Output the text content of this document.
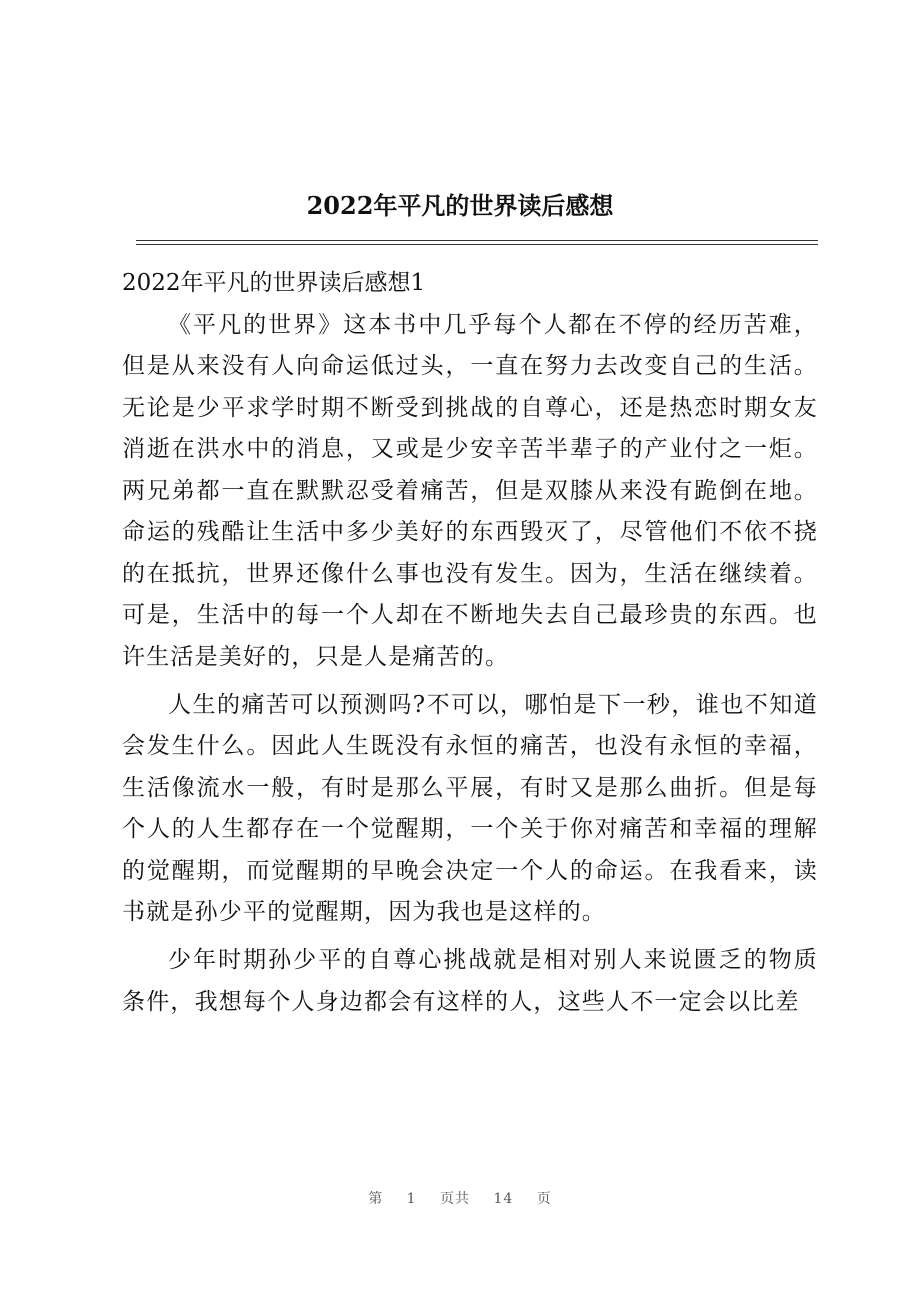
2022年平凡的世界读后感想

2022年平凡的世界读后感想1

《平凡的世界》这本书中几乎每个人都在不停的经历苦难，但是从来没有人向命运低过头，一直在努力去改变自己的生活。无论是少平求学时期不断受到挑战的自尊心，还是热恋时期女友消逝在洪水中的消息，又或是少安辛苦半辈子的产业付之一炬。两兄弟都一直在默默忍受着痛苦，但是双膝从来没有跪倒在地。命运的残酷让生活中多少美好的东西毁灭了，尽管他们不依不挠的在抵抗，世界还像什么事也没有发生。因为，生活在继续着。可是，生活中的每一个人却在不断地失去自己最珍贵的东西。也许生活是美好的，只是人是痛苦的。

人生的痛苦可以预测吗?不可以，哪怕是下一秒，谁也不知道会发生什么。因此人生既没有永恒的痛苦，也没有永恒的幸福，生活像流水一般，有时是那么平展，有时又是那么曲折。但是每个人的人生都存在一个觉醒期，一个关于你对痛苦和幸福的理解的觉醒期，而觉醒期的早晚会决定一个人的命运。在我看来，读书就是孙少平的觉醒期，因为我也是这样的。

少年时期孙少平的自尊心挑战就是相对别人来说匮乏的物质条件，我想每个人身边都会有这样的人，这些人不一定会以比差

第 1 页共 14 页
